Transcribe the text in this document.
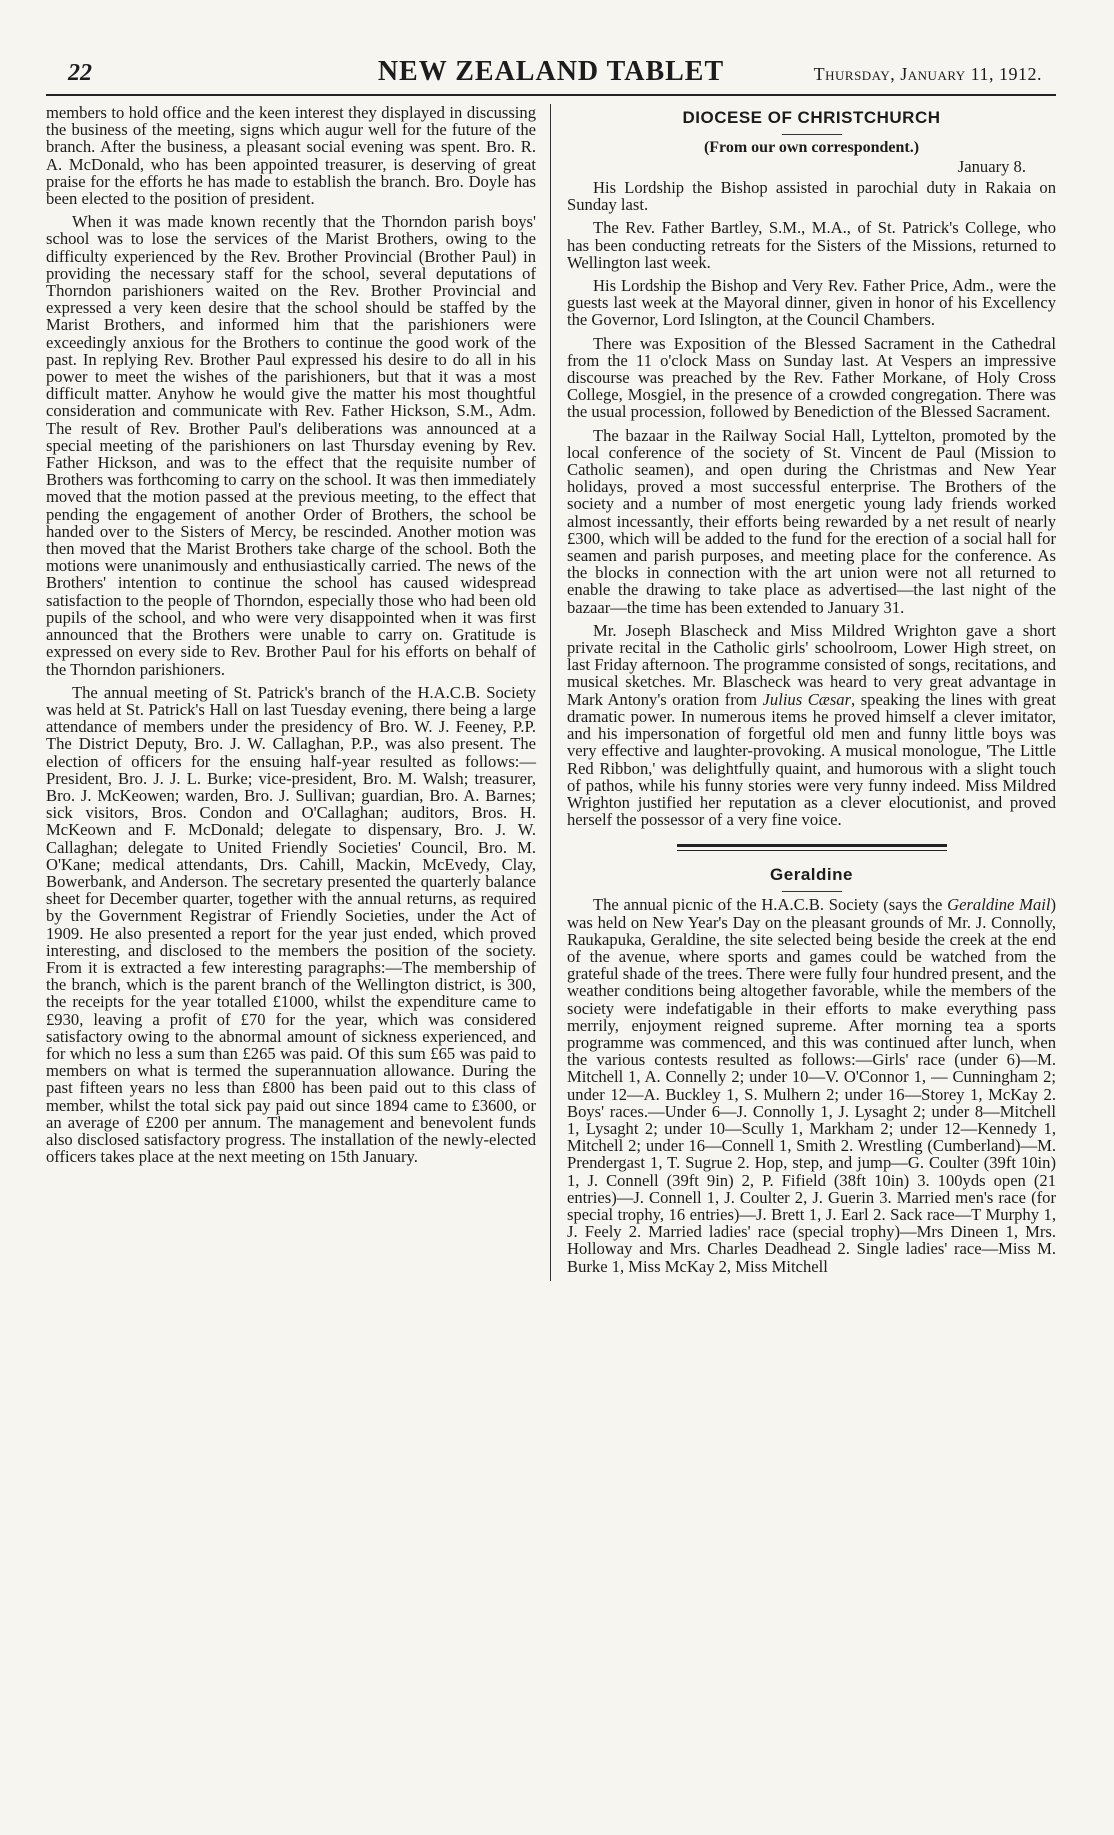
22	NEW ZEALAND TABLET	Thursday, January 11, 1912.

members to hold office and the keen interest they displayed in discussing the business of the meeting, signs which augur well for the future of the branch. After the business, a pleasant social evening was spent. Bro. R. A. McDonald, who has been appointed treasurer, is deserving of great praise for the efforts he has made to establish the branch. Bro. Doyle has been elected to the position of president.

When it was made known recently that the Thorndon parish boys' school was to lose the services of the Marist Brothers, owing to the difficulty experienced by the Rev. Brother Provincial (Brother Paul) in providing the necessary staff for the school, several deputations of Thorndon parishioners waited on the Rev. Brother Provincial and expressed a very keen desire that the school should be staffed by the Marist Brothers, and informed him that the parishioners were exceedingly anxious for the Brothers to continue the good work of the past. In replying Rev. Brother Paul expressed his desire to do all in his power to meet the wishes of the parishioners, but that it was a most difficult matter. Anyhow he would give the matter his most thoughtful consideration and communicate with Rev. Father Hickson, S.M., Adm. The result of Rev. Brother Paul's deliberations was announced at a special meeting of the parishioners on last Thursday evening by Rev. Father Hickson, and was to the effect that the requisite number of Brothers was forthcoming to carry on the school. It was then immediately moved that the motion passed at the previous meeting, to the effect that pending the engagement of another Order of Brothers, the school be handed over to the Sisters of Mercy, be rescinded. Another motion was then moved that the Marist Brothers take charge of the school. Both the motions were unanimously and enthusiastically carried. The news of the Brothers' intention to continue the school has caused widespread satisfaction to the people of Thorndon, especially those who had been old pupils of the school, and who were very disappointed when it was first announced that the Brothers were unable to carry on. Gratitude is expressed on every side to Rev. Brother Paul for his efforts on behalf of the Thorndon parishioners.

The annual meeting of St. Patrick's branch of the H.A.C.B. Society was held at St. Patrick's Hall on last Tuesday evening, there being a large attendance of members under the presidency of Bro. W. J. Feeney, P.P. The District Deputy, Bro. J. W. Callaghan, P.P., was also present. The election of officers for the ensuing half-year resulted as follows:—President, Bro. J. J. L. Burke; vice-president, Bro. M. Walsh; treasurer, Bro. J. McKeowen; warden, Bro. J. Sullivan; guardian, Bro. A. Barnes; sick visitors, Bros. Condon and O'Callaghan; auditors, Bros. H. McKeown and F. McDonald; delegate to dispensary, Bro. J. W. Callaghan; delegate to United Friendly Societies' Council, Bro. M. O'Kane; medical attendants, Drs. Cahill, Mackin, McEvedy, Clay, Bowerbank, and Anderson. The secretary presented the quarterly balance sheet for December quarter, together with the annual returns, as required by the Government Registrar of Friendly Societies, under the Act of 1909. He also presented a report for the year just ended, which proved interesting, and disclosed to the members the position of the society. From it is extracted a few interesting paragraphs:—The membership of the branch, which is the parent branch of the Wellington district, is 300, the receipts for the year totalled £1000, whilst the expenditure came to £930, leaving a profit of £70 for the year, which was considered satisfactory owing to the abnormal amount of sickness experienced, and for which no less a sum than £265 was paid. Of this sum £65 was paid to members on what is termed the superannuation allowance. During the past fifteen years no less than £800 has been paid out to this class of member, whilst the total sick pay paid out since 1894 came to £3600, or an average of £200 per annum. The management and benevolent funds also disclosed satisfactory progress. The installation of the newly-elected officers takes place at the next meeting on 15th January.

DIOCESE OF CHRISTCHURCH
(From our own correspondent.)
January 8.

His Lordship the Bishop assisted in parochial duty in Rakaia on Sunday last.

The Rev. Father Bartley, S.M., M.A., of St. Patrick's College, who has been conducting retreats for the Sisters of the Missions, returned to Wellington last week.

His Lordship the Bishop and Very Rev. Father Price, Adm., were the guests last week at the Mayoral dinner, given in honor of his Excellency the Governor, Lord Islington, at the Council Chambers.

There was Exposition of the Blessed Sacrament in the Cathedral from the 11 o'clock Mass on Sunday last. At Vespers an impressive discourse was preached by the Rev. Father Morkane, of Holy Cross College, Mosgiel, in the presence of a crowded congregation. There was the usual procession, followed by Benediction of the Blessed Sacrament.

The bazaar in the Railway Social Hall, Lyttelton, promoted by the local conference of the society of St. Vincent de Paul (Mission to Catholic seamen), and open during the Christmas and New Year holidays, proved a most successful enterprise. The Brothers of the society and a number of most energetic young lady friends worked almost incessantly, their efforts being rewarded by a net result of nearly £300, which will be added to the fund for the erection of a social hall for seamen and parish purposes, and meeting place for the conference. As the blocks in connection with the art union were not all returned to enable the drawing to take place as advertised—the last night of the bazaar—the time has been extended to January 31.

Mr. Joseph Blascheck and Miss Mildred Wrighton gave a short private recital in the Catholic girls' schoolroom, Lower High street, on last Friday afternoon. The programme consisted of songs, recitations, and musical sketches. Mr. Blascheck was heard to very great advantage in Mark Antony's oration from Julius Cæsar, speaking the lines with great dramatic power. In numerous items he proved himself a clever imitator, and his impersonation of forgetful old men and funny little boys was very effective and laughter-provoking. A musical monologue, 'The Little Red Ribbon,' was delightfully quaint, and humorous with a slight touch of pathos, while his funny stories were very funny indeed. Miss Mildred Wrighton justified her reputation as a clever elocutionist, and proved herself the possessor of a very fine voice.

Geraldine

The annual picnic of the H.A.C.B. Society (says the Geraldine Mail) was held on New Year's Day on the pleasant grounds of Mr. J. Connolly, Raukapuka, Geraldine, the site selected being beside the creek at the end of the avenue, where sports and games could be watched from the grateful shade of the trees. There were fully four hundred present, and the weather conditions being altogether favorable, while the members of the society were indefatigable in their efforts to make everything pass merrily, enjoyment reigned supreme. After morning tea a sports programme was commenced, and this was continued after lunch, when the various contests resulted as follows:—Girls' race (under 6)—M. Mitchell 1, A. Connelly 2; under 10—V. O'Connor 1, — Cunningham 2; under 12—A. Buckley 1, S. Mulhern 2; under 16—Storey 1, McKay 2. Boys' races.—Under 6—J. Connolly 1, J. Lysaght 2; under 8—Mitchell 1, Lysaght 2; under 10—Scully 1, Markham 2; under 12—Kennedy 1, Mitchell 2; under 16—Connell 1, Smith 2. Wrestling (Cumberland)—M. Prendergast 1, T. Sugrue 2. Hop, step, and jump—G. Coulter (39ft 10in) 1, J. Connell (39ft 9in) 2, P. Fifield (38ft 10in) 3. 100yds open (21 entries)—J. Connell 1, J. Coulter 2, J. Guerin 3. Married men's race (for special trophy, 16 entries)—J. Brett 1, J. Earl 2. Sack race—T Murphy 1, J. Feely 2. Married ladies' race (special trophy)—Mrs Dineen 1, Mrs. Holloway and Mrs. Charles Deadhead 2. Single ladies' race—Miss M. Burke 1, Miss McKay 2, Miss Mitchell
